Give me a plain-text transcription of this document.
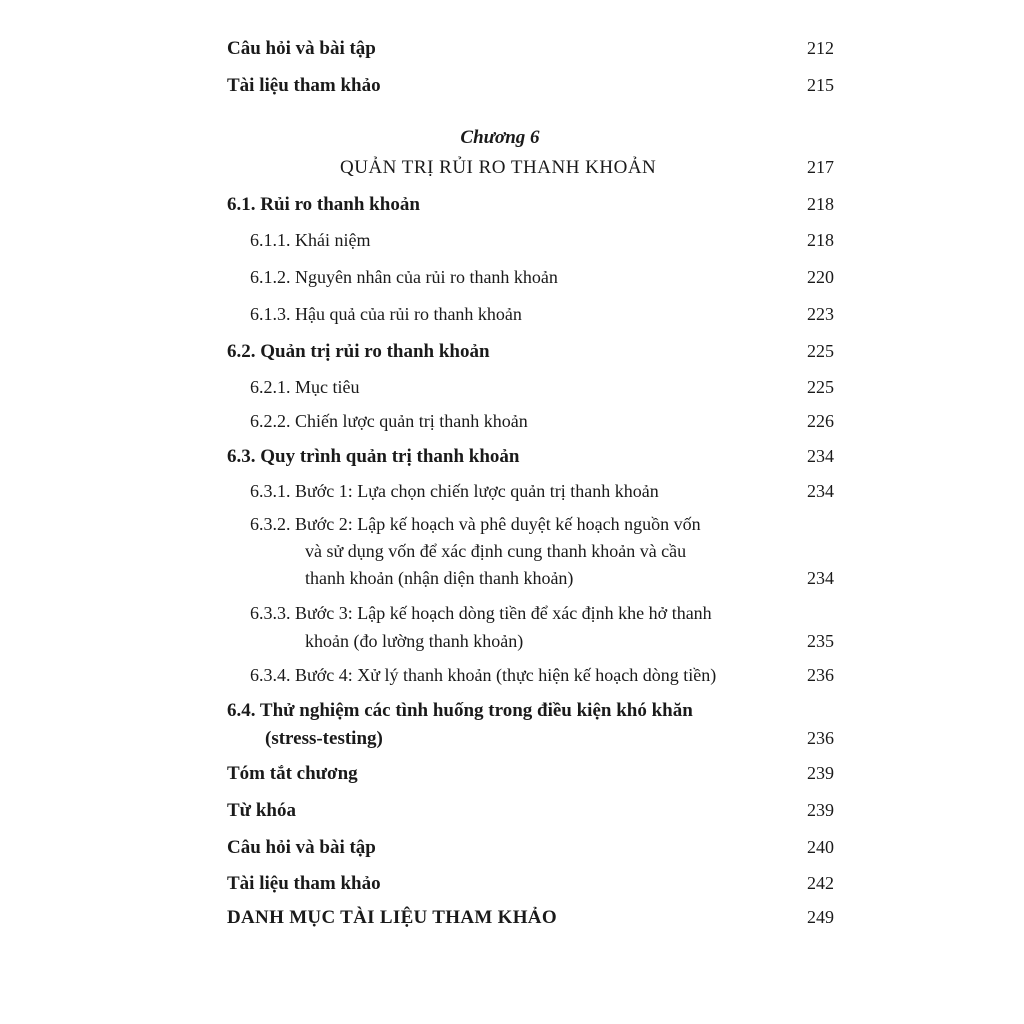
Câu hỏi và bài tập	212
Tài liệu tham khảo	215
Chương 6
QUẢN TRỊ RỦI RO THANH KHOẢN	217
6.1. Rủi ro thanh khoản	218
6.1.1. Khái niệm	218
6.1.2. Nguyên nhân của rủi ro thanh khoản	220
6.1.3. Hậu quả của rủi ro thanh khoản	223
6.2. Quản trị rủi ro thanh khoản	225
6.2.1. Mục tiêu	225
6.2.2. Chiến lược quản trị thanh khoản	226
6.3. Quy trình quản trị thanh khoản	234
6.3.1. Bước 1: Lựa chọn chiến lược quản trị thanh khoản	234
6.3.2. Bước 2: Lập kế hoạch và phê duyệt kế hoạch nguồn vốn
và sử dụng vốn để xác định cung thanh khoản và cầu
thanh khoản (nhận diện thanh khoản)	234
6.3.3. Bước 3: Lập kế hoạch dòng tiền để xác định khe hở thanh
khoản (đo lường thanh khoản)	235
6.3.4. Bước 4: Xử lý thanh khoản (thực hiện kế hoạch dòng tiền)	236
6.4. Thử nghiệm các tình huống trong điều kiện khó khăn
(stress-testing)	236
Tóm tắt chương	239
Từ khóa	239
Câu hỏi và bài tập	240
Tài liệu tham khảo	242
DANH MỤC TÀI LIỆU THAM KHẢO	249
